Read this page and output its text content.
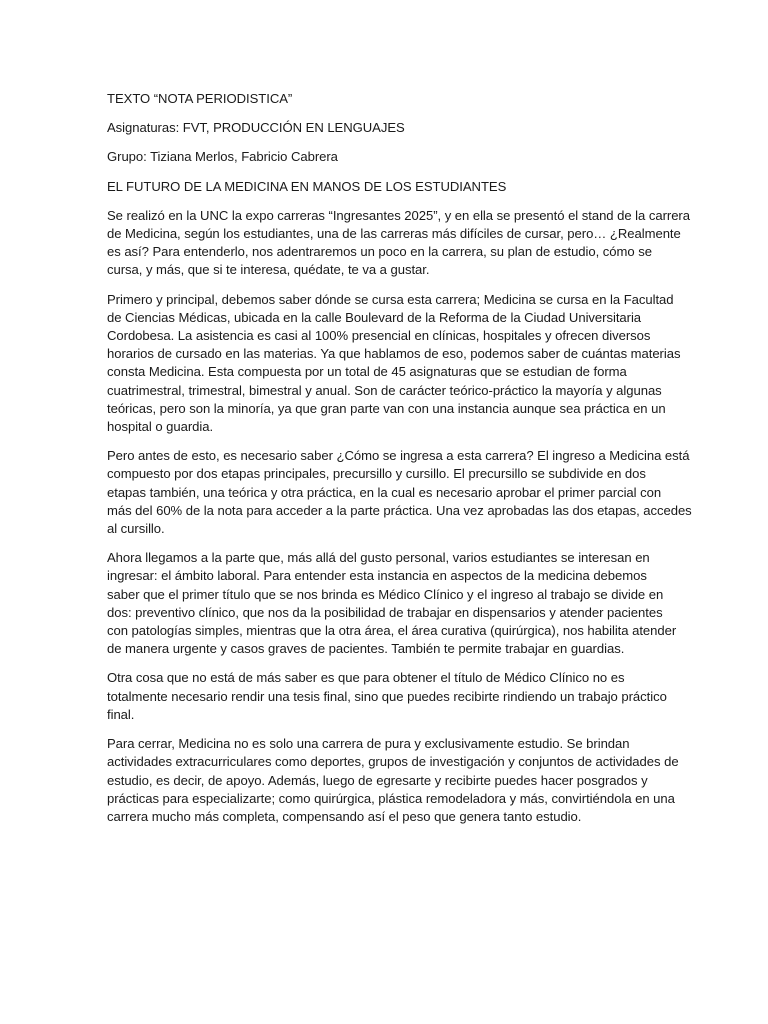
TEXTO “NOTA PERIODISTICA”

Asignaturas: FVT, PRODUCCIÓN EN LENGUAJES

Grupo: Tiziana Merlos, Fabricio Cabrera

EL FUTURO DE LA MEDICINA EN MANOS DE LOS ESTUDIANTES

Se realizó en la UNC la expo carreras “Ingresantes 2025”, y en ella se presentó el stand de la carrera
de Medicina, según los estudiantes, una de las carreras más difíciles de cursar, pero… ¿Realmente
es así? Para entenderlo, nos adentraremos un poco en la carrera, su plan de estudio, cómo se
cursa, y más, que si te interesa, quédate, te va a gustar.

Primero y principal, debemos saber dónde se cursa esta carrera; Medicina se cursa en la Facultad
de Ciencias Médicas, ubicada en la calle Boulevard de la Reforma de la Ciudad Universitaria
Cordobesa. La asistencia es casi al 100% presencial en clínicas, hospitales y ofrecen diversos
horarios de cursado en las materias. Ya que hablamos de eso, podemos saber de cuántas materias
consta Medicina. Esta compuesta por un total de 45 asignaturas que se estudian de forma
cuatrimestral, trimestral, bimestral y anual. Son de carácter teórico-práctico la mayoría y algunas
teóricas, pero son la minoría, ya que gran parte van con una instancia aunque sea práctica en un
hospital o guardia.

Pero antes de esto, es necesario saber ¿Cómo se ingresa a esta carrera? El ingreso a Medicina está
compuesto por dos etapas principales, precursillo y cursillo. El precursillo se subdivide en dos
etapas también, una teórica y otra práctica, en la cual es necesario aprobar el primer parcial con
más del 60% de la nota para acceder a la parte práctica. Una vez aprobadas las dos etapas, accedes
al cursillo.

Ahora llegamos a la parte que, más allá del gusto personal, varios estudiantes se interesan en
ingresar: el ámbito laboral. Para entender esta instancia en aspectos de la medicina debemos
saber que el primer título que se nos brinda es Médico Clínico y el ingreso al trabajo se divide en
dos: preventivo clínico, que nos da la posibilidad de trabajar en dispensarios y atender pacientes
con patologías simples, mientras que la otra área, el área curativa (quirúrgica), nos habilita atender
de manera urgente y casos graves de pacientes. También te permite trabajar en guardias.

Otra cosa que no está de más saber es que para obtener el título de Médico Clínico no es
totalmente necesario rendir una tesis final, sino que puedes recibirte rindiendo un trabajo práctico
final.

Para cerrar, Medicina no es solo una carrera de pura y exclusivamente estudio. Se brindan
actividades extracurriculares como deportes, grupos de investigación y conjuntos de actividades de
estudio, es decir, de apoyo. Además, luego de egresarte y recibirte puedes hacer posgrados y
prácticas para especializarte; como quirúrgica, plástica remodeladora y más, convirtiéndola en una
carrera mucho más completa, compensando así el peso que genera tanto estudio.
